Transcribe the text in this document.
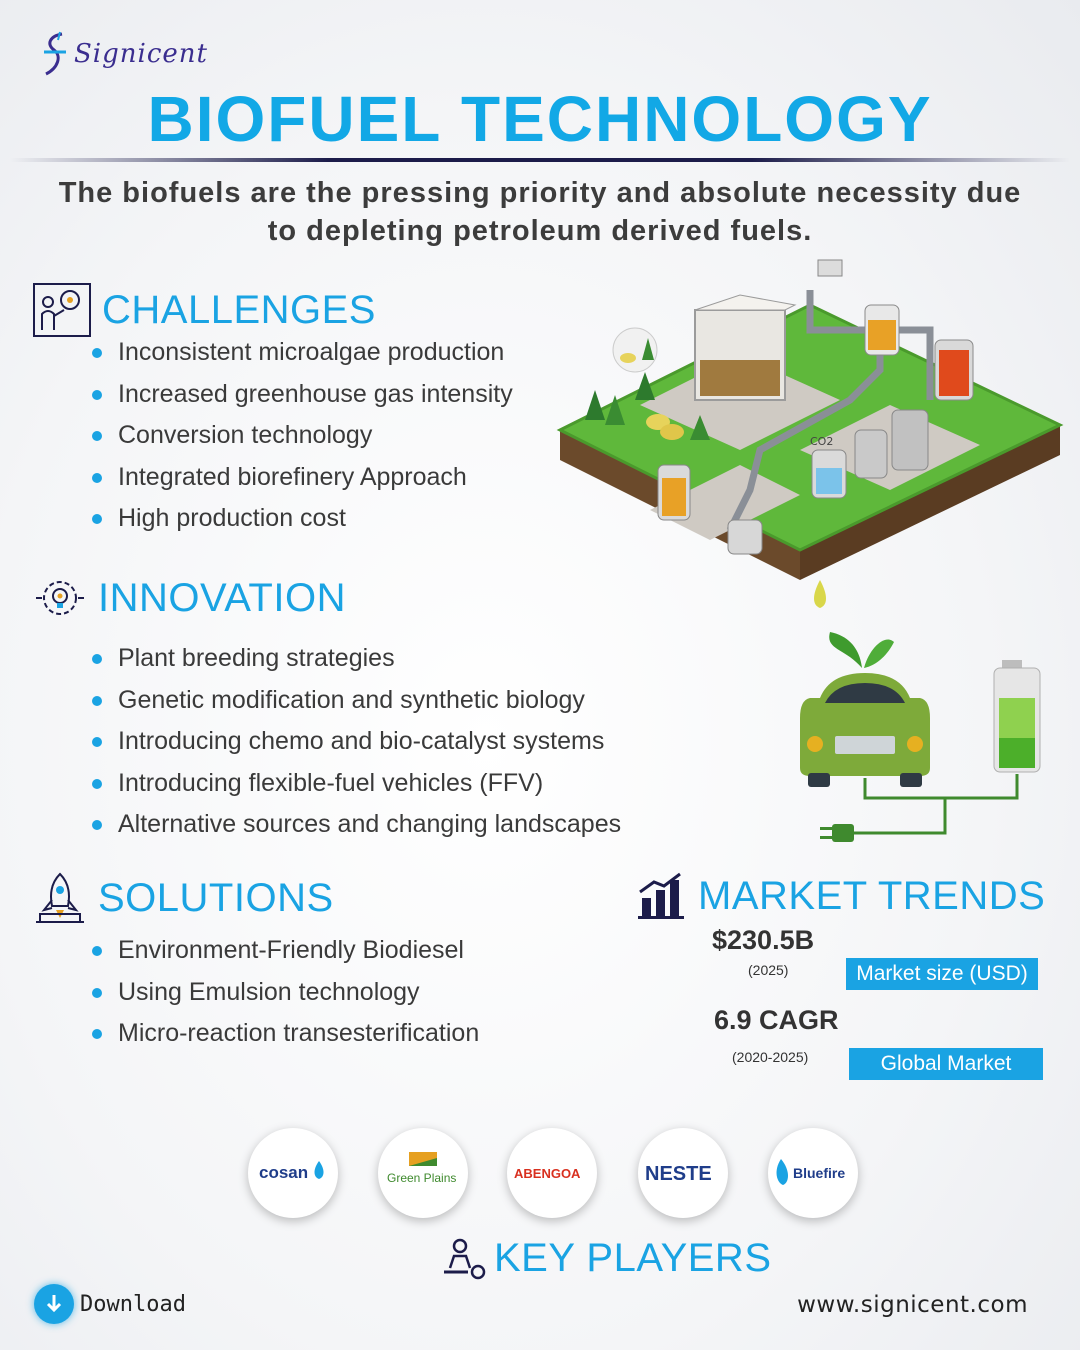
Signicent
BIOFUEL TECHNOLOGY
The biofuels are the pressing priority and absolute necessity due to depleting petroleum derived fuels.
CO2
CHALLENGES
Inconsistent microalgae production
Increased greenhouse gas intensity
Conversion technology
Integrated biorefinery Approach
High production cost
INNOVATION
Plant breeding strategies
Genetic modification and synthetic biology
Introducing chemo and bio-catalyst systems
Introducing flexible-fuel vehicles (FFV)
Alternative sources and changing landscapes
SOLUTIONS
Environment-Friendly Biodiesel
Using Emulsion technology
Micro-reaction transesterification
MARKET TRENDS
$230.5B
(2025)	Market size (USD)
6.9 CAGR
(2020-2025)	Global Market
cosan	Green Plains	ABENGOA	NESTE	Bluefire
KEY PLAYERS
Download	www.signicent.com
